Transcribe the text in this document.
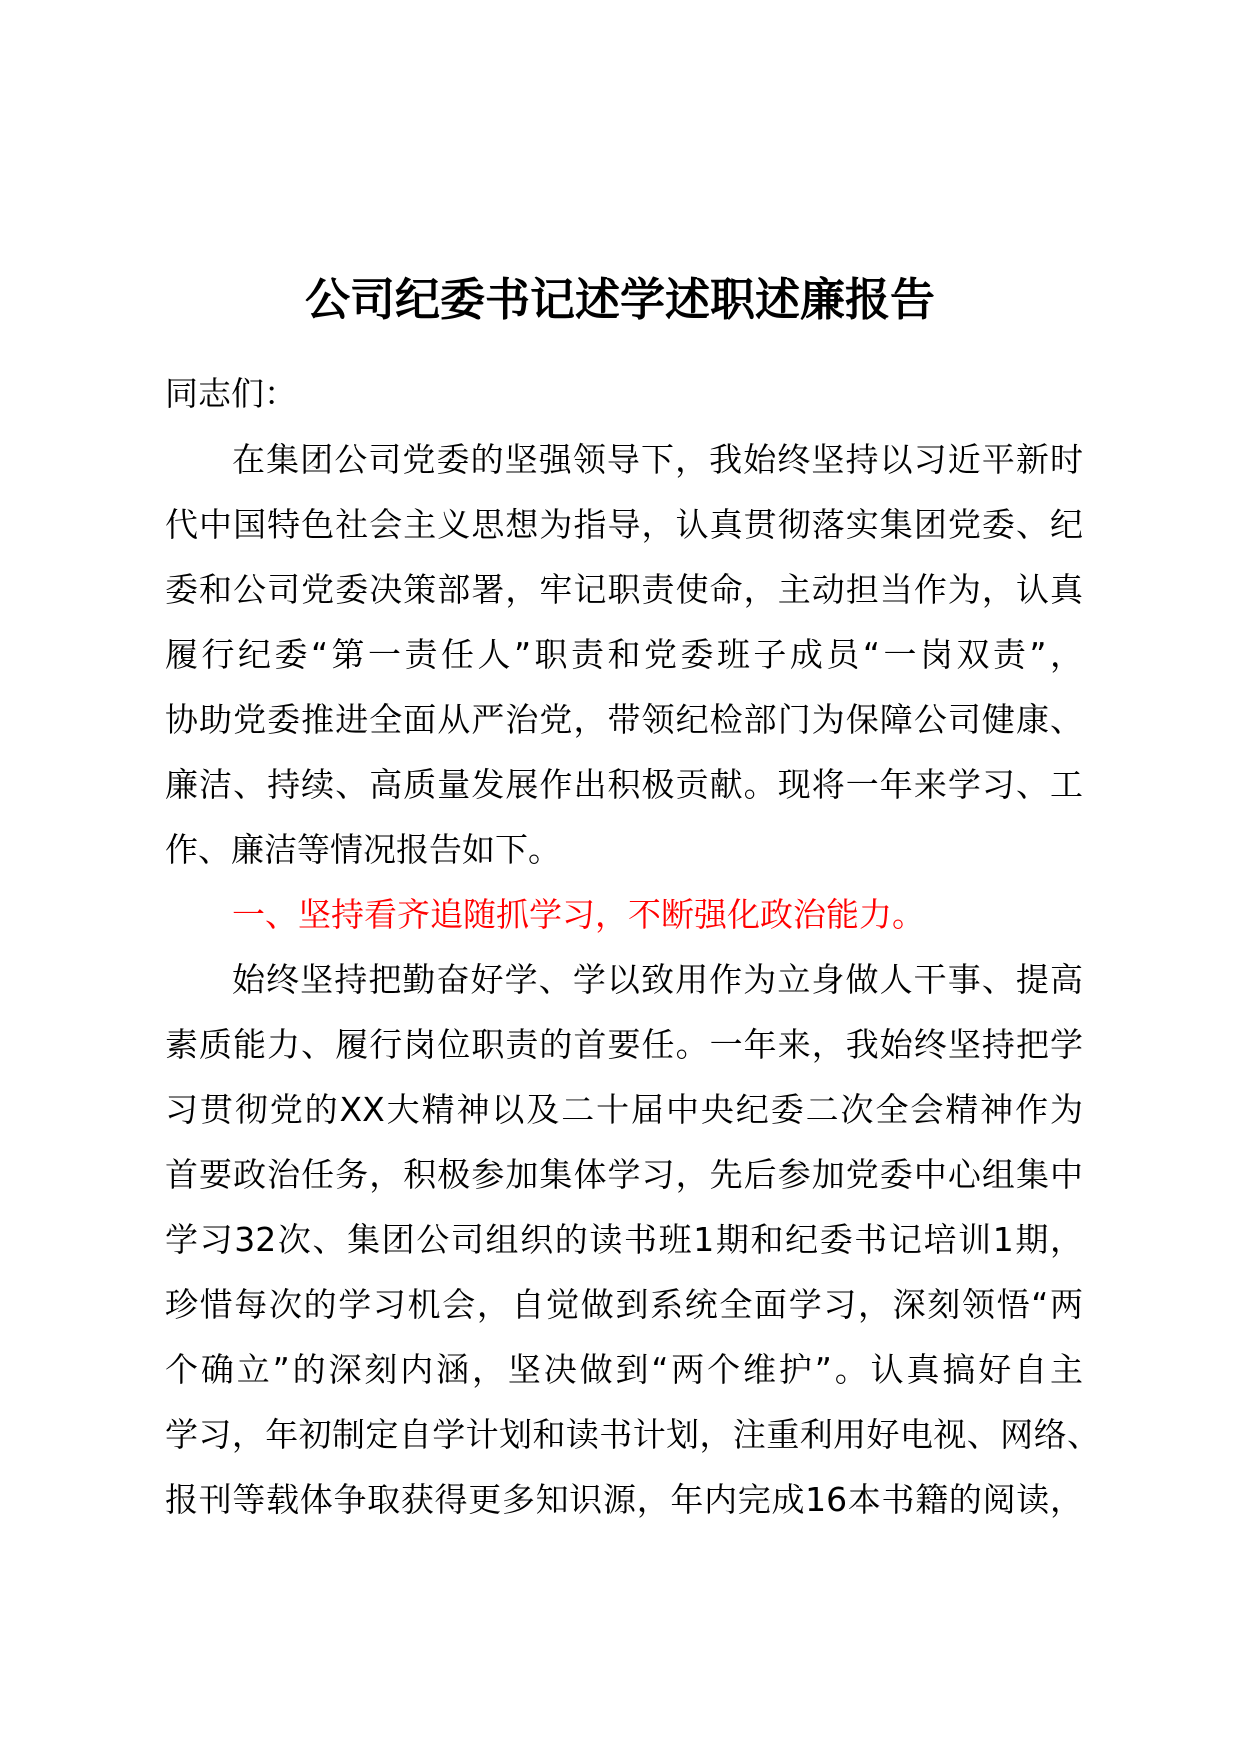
公司纪委书记述学述职述廉报告
同志们：
在集团公司党委的坚强领导下，我始终坚持以习近平新时
代中国特色社会主义思想为指导，认真贯彻落实集团党委、纪
委和公司党委决策部署，牢记职责使命，主动担当作为，认真
履行纪委“第一责任人”职责和党委班子成员“一岗双责”，
协助党委推进全面从严治党，带领纪检部门为保障公司健康、
廉洁、持续、高质量发展作出积极贡献。现将一年来学习、工
作、廉洁等情况报告如下。
一、坚持看齐追随抓学习，不断强化政治能力。
始终坚持把勤奋好学、学以致用作为立身做人干事、提高
素质能力、履行岗位职责的首要任。一年来，我始终坚持把学
习贯彻党的XX大精神以及二十届中央纪委二次全会精神作为
首要政治任务，积极参加集体学习，先后参加党委中心组集中
学习32次、集团公司组织的读书班1期和纪委书记培训1期，
珍惜每次的学习机会，自觉做到系统全面学习，深刻领悟“两
个确立”的深刻内涵，坚决做到“两个维护”。认真搞好自主
学习，年初制定自学计划和读书计划，注重利用好电视、网络、
报刊等载体争取获得更多知识源，年内完成16本书籍的阅读，
